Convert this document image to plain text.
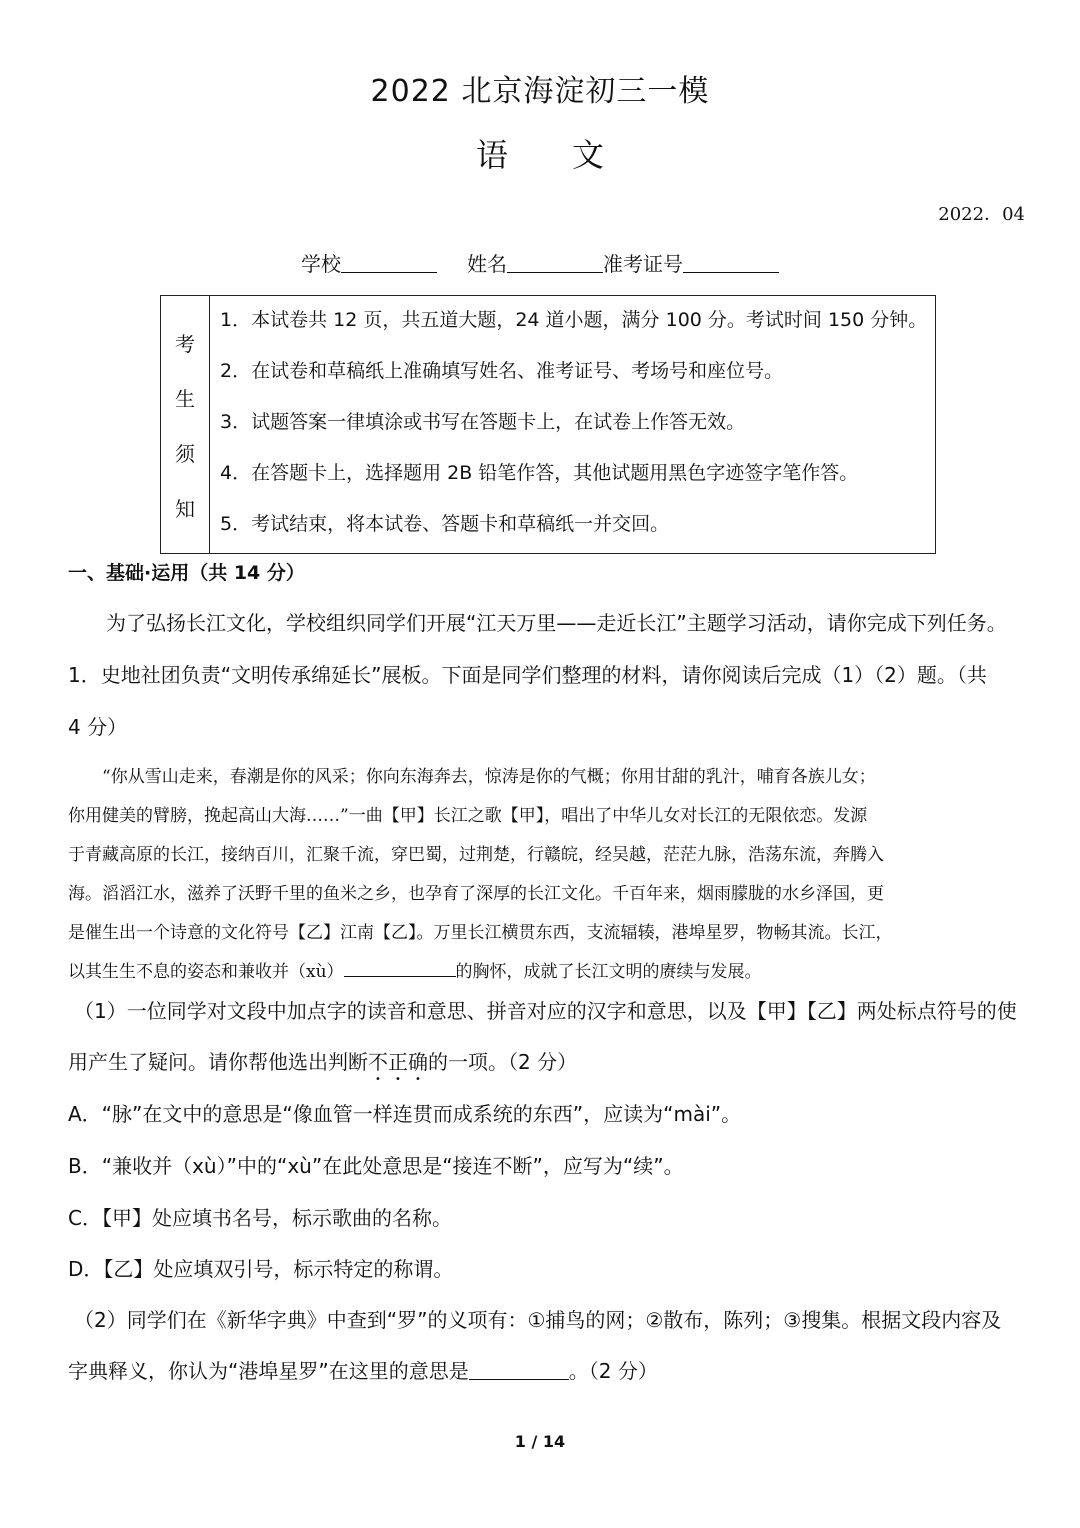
2022 北京海淀初三一模
语 文
2022．04
学校	姓名	准考证号
考
生
须
知
1．本试卷共 12 页，共五道大题，24 道小题，满分 100 分。考试时间 150 分钟。
2．在试卷和草稿纸上准确填写姓名、准考证号、考场号和座位号。
3．试题答案一律填涂或书写在答题卡上，在试卷上作答无效。
4．在答题卡上，选择题用 2B 铅笔作答，其他试题用黑色字迹签字笔作答。
5．考试结束，将本试卷、答题卡和草稿纸一并交回。
一、基础·运用（共 14 分）
为了弘扬长江文化，学校组织同学们开展“江天万里——走近长江”主题学习活动，请你完成下列任务。
1．史地社团负责“文明传承绵延长”展板。下面是同学们整理的材料，请你阅读后完成（1）（2）题。（共
4 分）

“你从雪山走来，春潮是你的风采；你向东海奔去，惊涛是你的气概；你用甘甜的乳汁，哺育各族儿女；

你用健美的臂膀，挽起高山大海……”一曲【甲】长江之歌【甲】，唱出了中华儿女对长江的无限依恋。发源

于青藏高原的长江，接纳百川，汇聚千流，穿巴蜀，过荆楚，行赣皖，经吴越，茫茫九脉，浩荡东流，奔腾入

海。滔滔江水，滋养了沃野千里的鱼米之乡，也孕育了深厚的长江文化。千百年来，烟雨朦胧的水乡泽国，更

是催生出一个诗意的文化符号【乙】江南【乙】。万里长江横贯东西，支流辐辏，港埠星罗，物畅其流。长江，

以其生生不息的姿态和兼收并（xù）	的胸怀，成就了长江文明的赓续与发展。

（1）一位同学对文段中加点字的读音和意思、拼音对应的汉字和意思，以及【甲】【乙】两处标点符号的使
用产生了疑问。请你帮他选出判断不正确的一项。（2 分）
A．“脉”在文中的意思是“像血管一样连贯而成系统的东西”，应读为“mài”。
B．“兼收并（xù）”中的“xù”在此处意思是“接连不断”，应写为“续”。
C．【甲】处应填书名号，标示歌曲的名称。
D．【乙】处应填双引号，标示特定的称谓。
（2）同学们在《新华字典》中查到“罗”的义项有：①捕鸟的网；②散布，陈列；③搜集。根据文段内容及
字典释义，你认为“港埠星罗”在这里的意思是	。（2 分）
1 / 14
